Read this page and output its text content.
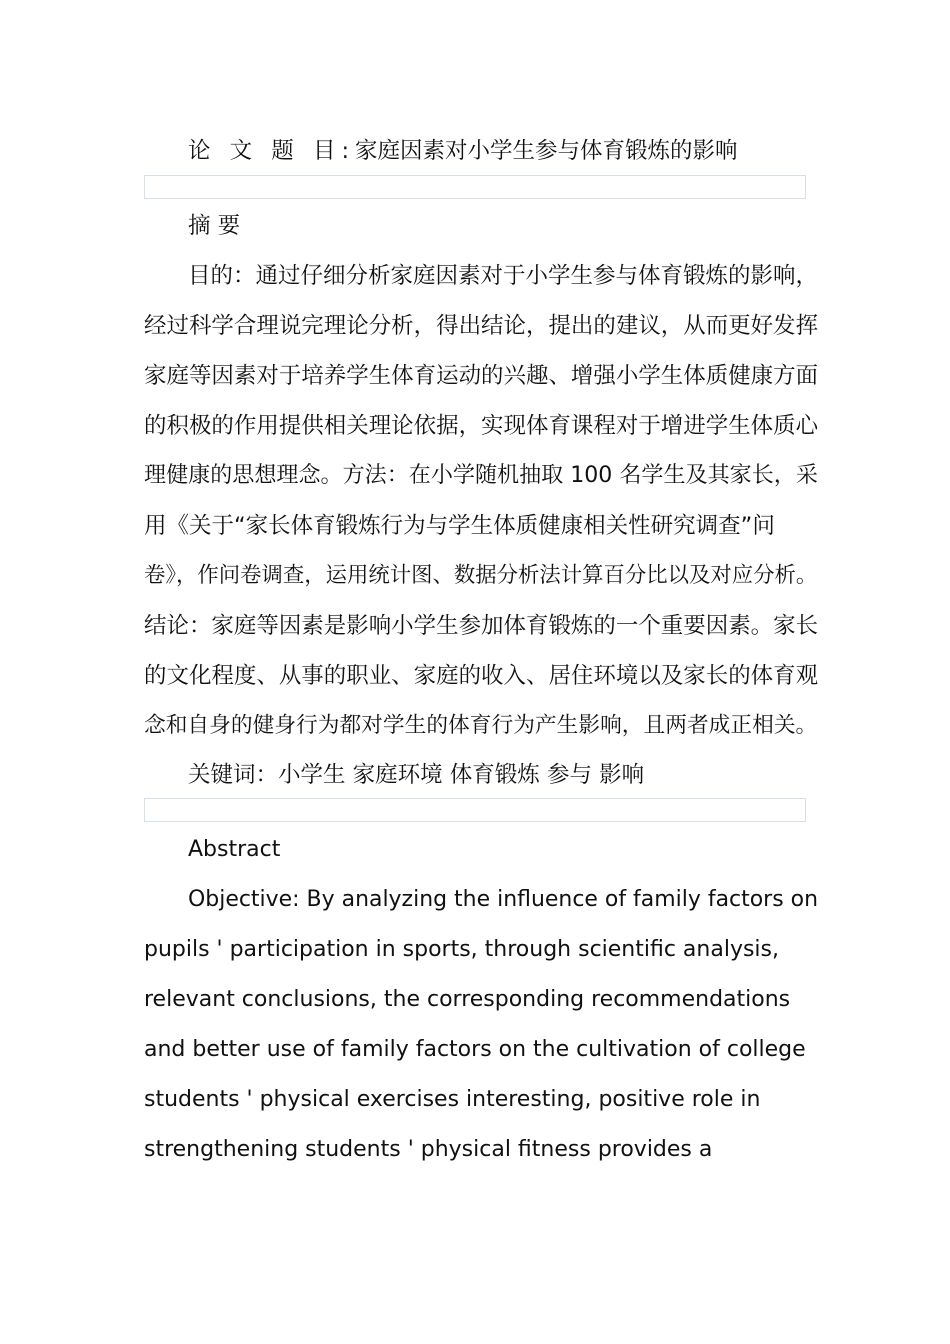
论 文 题 目:家庭因素对小学生参与体育锻炼的影响
摘 要
目的：通过仔细分析家庭因素对于小学生参与体育锻炼的影响，
经过科学合理说完理论分析，得出结论，提出的建议，从而更好发挥
家庭等因素对于培养学生体育运动的兴趣、增强小学生体质健康方面
的积极的作用提供相关理论依据，实现体育课程对于增进学生体质心
理健康的思想理念。方法：在小学随机抽取 100 名学生及其家长，采
用《关于“家长体育锻炼行为与学生体质健康相关性研究调查”问
卷》，作问卷调查，运用统计图、数据分析法计算百分比以及对应分析。
结论：家庭等因素是影响小学生参加体育锻炼的一个重要因素。家长
的文化程度、从事的职业、家庭的收入、居住环境以及家长的体育观
念和自身的健身行为都对学生的体育行为产生影响，且两者成正相关。
关键词：小学生 家庭环境 体育锻炼 参与 影响
Abstract
Objective: By analyzing the influence of family factors on
pupils ' participation in sports, through scientific analysis,
relevant conclusions, the corresponding recommendations
and better use of family factors on the cultivation of college
students ' physical exercises interesting, positive role in
strengthening students ' physical fitness provides a
